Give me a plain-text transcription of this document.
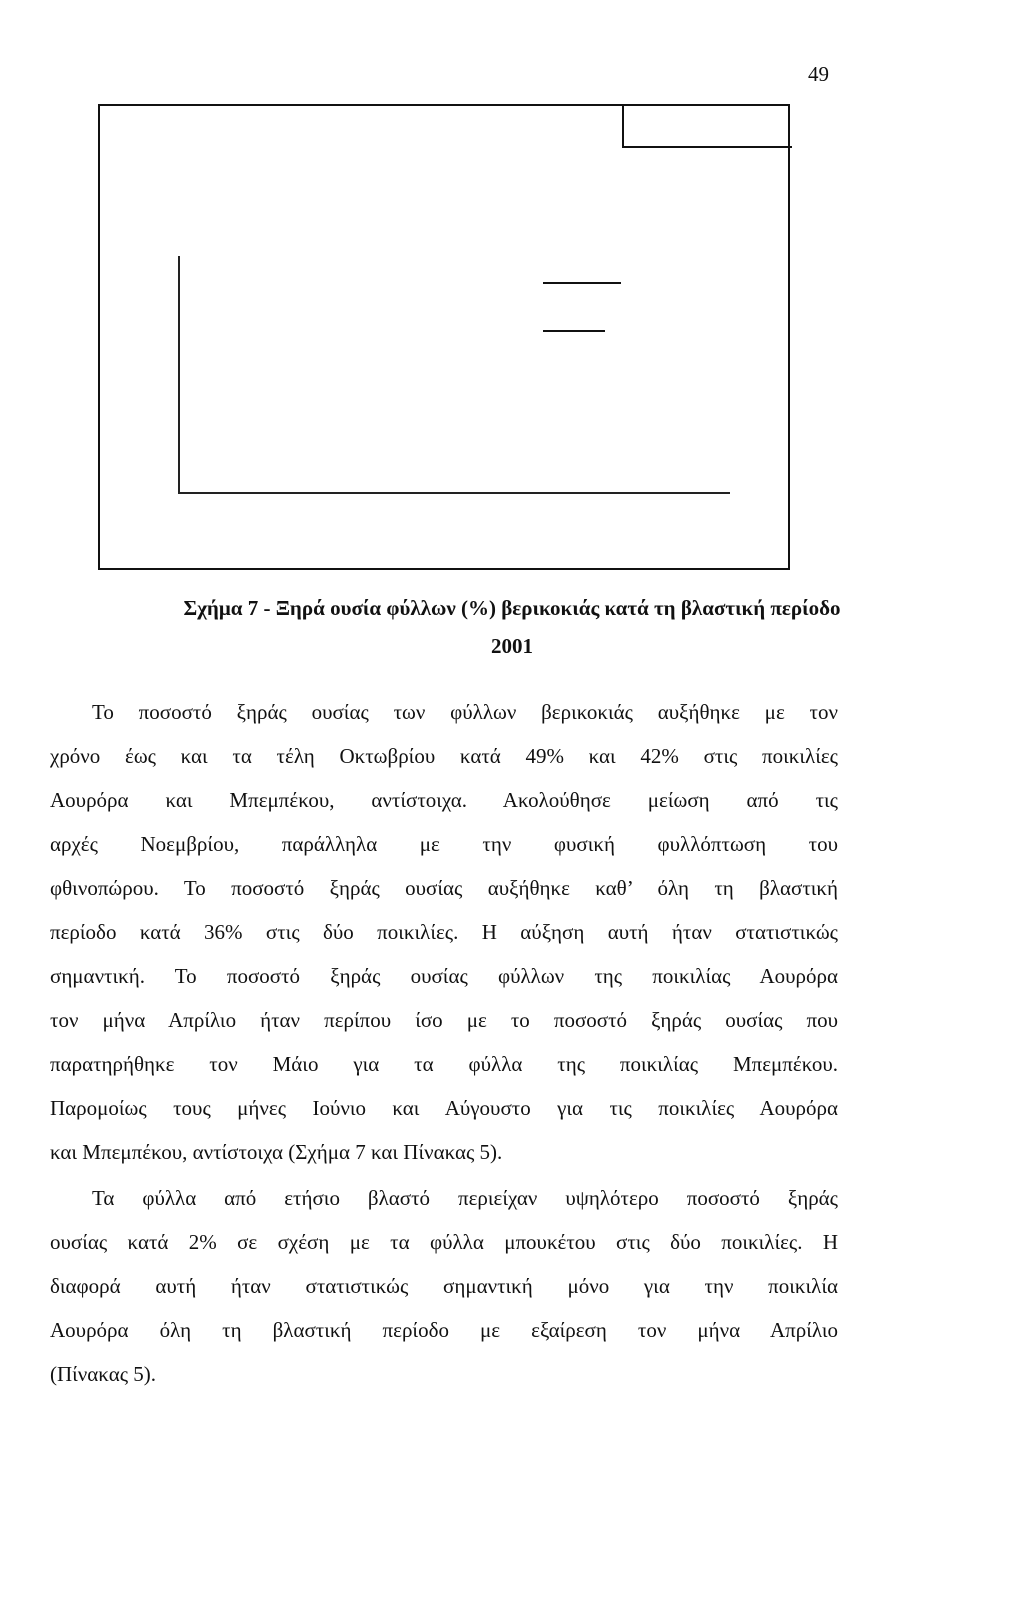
49
Σχήμα 7 - Ξηρά ουσία φύλλων (%) βερικοκιάς κατά τη βλαστική περίοδο
2001
Το ποσοστό ξηράς ουσίας των φύλλων βερικοκιάς αυξήθηκε με τον
χρόνο έως και τα τέλη Οκτωβρίου κατά 49% και 42% στις ποικιλίες
Αουρόρα και Μπεμπέκου, αντίστοιχα. Ακολούθησε μείωση από τις
αρχές Νοεμβρίου, παράλληλα με την φυσική φυλλόπτωση του
φθινοπώρου. Το ποσοστό ξηράς ουσίας αυξήθηκε καθ’ όλη τη βλαστική
περίοδο κατά 36% στις δύο ποικιλίες. Η αύξηση αυτή ήταν στατιστικώς
σημαντική. Το ποσοστό ξηράς ουσίας φύλλων της ποικιλίας Αουρόρα
τον μήνα Απρίλιο ήταν περίπου ίσο με το ποσοστό ξηράς ουσίας που
παρατηρήθηκε τον Μάιο για τα φύλλα της ποικιλίας Μπεμπέκου.
Παρομοίως τους μήνες Ιούνιο και Αύγουστο για τις ποικιλίες Αουρόρα
και Μπεμπέκου, αντίστοιχα (Σχήμα 7 και Πίνακας 5).
Τα φύλλα από ετήσιο βλαστό περιείχαν υψηλότερο ποσοστό ξηράς
ουσίας κατά 2% σε σχέση με τα φύλλα μπουκέτου στις δύο ποικιλίες. Η
διαφορά αυτή ήταν στατιστικώς σημαντική μόνο για την ποικιλία
Αουρόρα όλη τη βλαστική περίοδο με εξαίρεση τον μήνα Απρίλιο
(Πίνακας 5).
